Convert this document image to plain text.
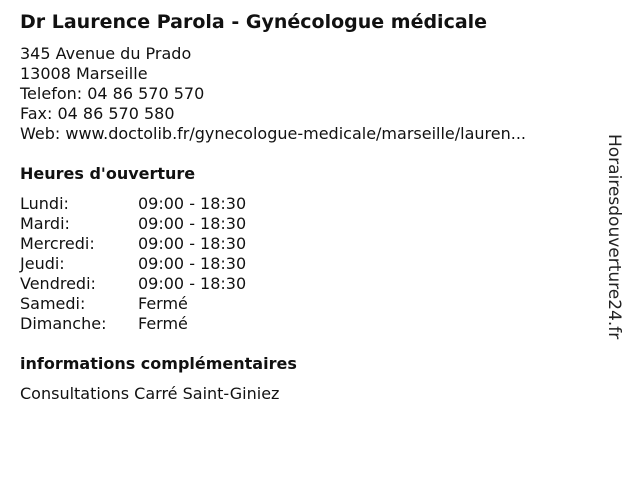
Dr Laurence Parola - Gynécologue médicale
345 Avenue du Prado
13008 Marseille
Telefon: 04 86 570 570
Fax: 04 86 570 580
Web: www.doctolib.fr/gynecologue-medicale/marseille/lauren...
Heures d'ouverture
Lundi:	09:00 - 18:30
Mardi:	09:00 - 18:30
Mercredi:	09:00 - 18:30
Jeudi:	09:00 - 18:30
Vendredi:	09:00 - 18:30
Samedi:	Fermé
Dimanche:	Fermé
informations complémentaires
Consultations Carré Saint-Giniez
Horairesdouverture24.fr
